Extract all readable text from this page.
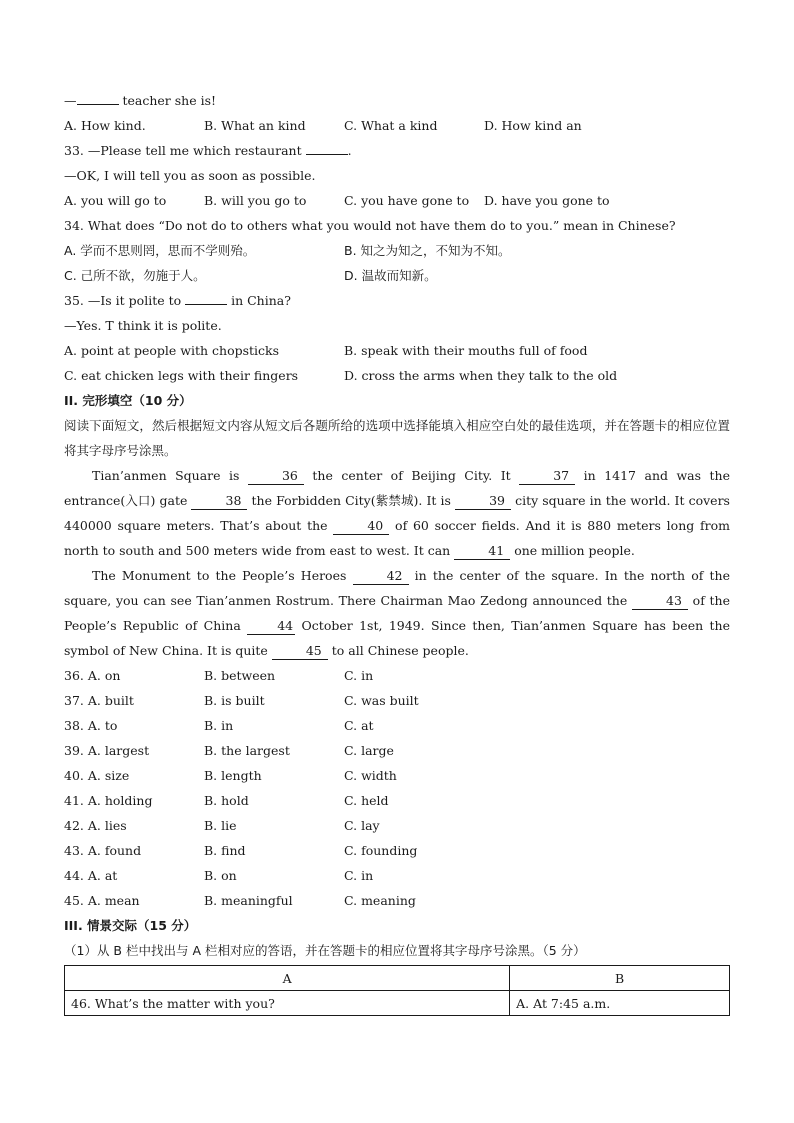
—	teacher she is!
A. How kind.	B. What an kind	C. What a kind	D. How kind an
33. —Please tell me which restaurant	.
—OK, I will tell you as soon as possible.
A. you will go to	B. will you go to	C. you have gone to D. have you gone to
34. What does “Do not do to others what you would not have them do to you.” mean in Chinese?
A. 学而不思则罔，思而不学则殆。	B. 知之为知之，不知为不知。
C. 己所不欲，勿施于人。	D. 温故而知新。
35. —Is it polite to	in China?
—Yes. T think it is polite.
A. point at people with chopsticks	B. speak with their mouths full of food
C. eat chicken legs with their fingers	D. cross the arms when they talk to the old
II. 完形填空（10 分）
阅读下面短文，然后根据短文内容从短文后各题所给的选项中选择能填入相应空白处的最佳选项，并在答题卡的相应位置将其字母序号涂黑。
Tian’anmen Square is	36 the center of Beijing City. It	37 in 1417 and was the entrance(入口) gate	38 the Forbidden City(紫禁城). It is	39 city square in the world. It covers 440000 square meters. That’s about the	40 of 60 soccer fields. And it is 880 meters long from north to south and 500 meters wide from east to west. It can	41 one million people.
The Monument to the People’s Heroes	42 in the center of the square. In the north of the square, you can see Tian’anmen Rostrum. There Chairman Mao Zedong announced the	43 of the People’s Republic of China 44 October 1st, 1949. Since then, Tian’anmen Square has been the symbol of New China. It is quite	45 to all Chinese people.
36. A. on	B. between	C. in
37. A. built	B. is built	C. was built
38. A. to	B. in	C. at
39. A. largest	B. the largest	C. large
40. A. size	B. length	C. width
41. A. holding	B. hold	C. held
42. A. lies	B. lie	C. lay
43. A. found	B. find	C. founding
44. A. at	B. on	C. in
45. A. mean	B. meaningful	C. meaning
III. 情景交际（15 分）
（1）从 B 栏中找出与 A 栏相对应的答语，并在答题卡的相应位置将其字母序号涂黑。（5 分）
A	B
46. What’s the matter with you?	A. At 7:45 a.m.
